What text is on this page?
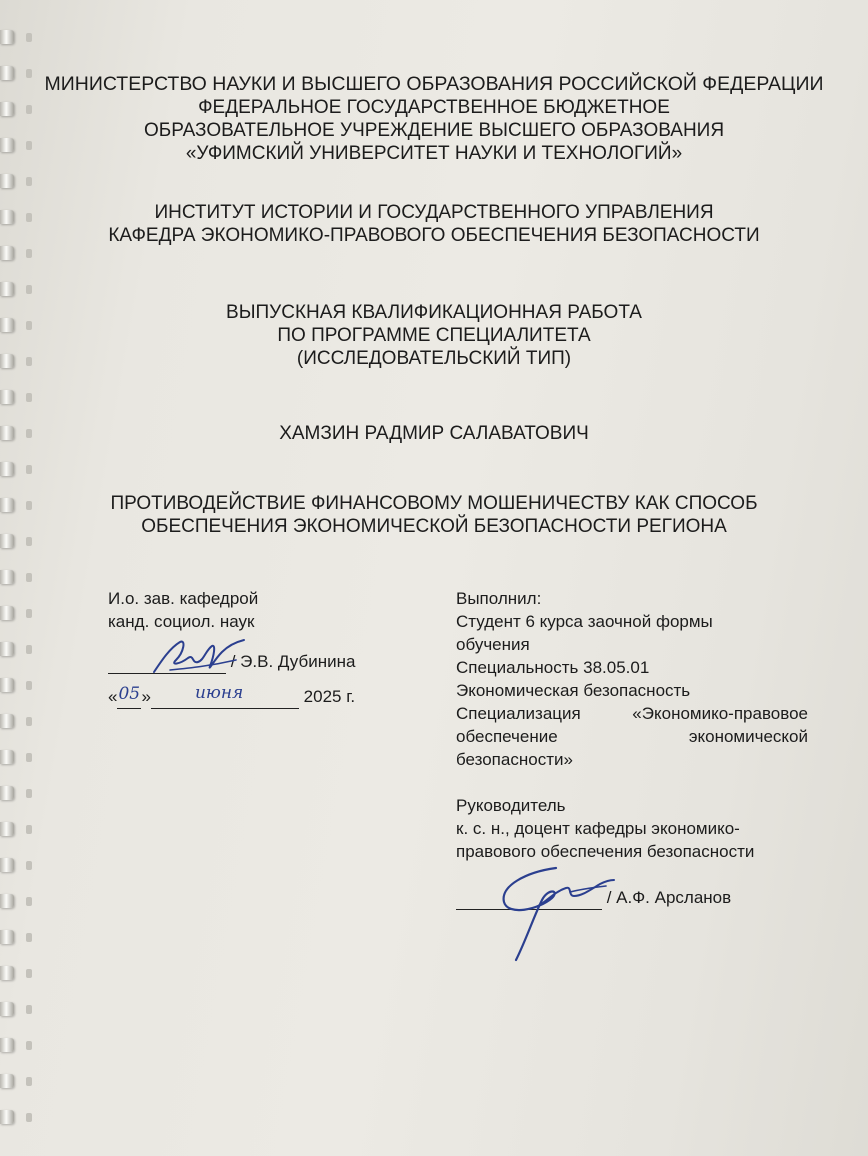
МИНИСТЕРСТВО НАУКИ И ВЫСШЕГО ОБРАЗОВАНИЯ РОССИЙСКОЙ ФЕДЕРАЦИИ
ФЕДЕРАЛЬНОЕ ГОСУДАРСТВЕННОЕ БЮДЖЕТНОЕ
ОБРАЗОВАТЕЛЬНОЕ УЧРЕЖДЕНИЕ ВЫСШЕГО ОБРАЗОВАНИЯ
«УФИМСКИЙ УНИВЕРСИТЕТ НАУКИ И ТЕХНОЛОГИЙ»
ИНСТИТУТ ИСТОРИИ И ГОСУДАРСТВЕННОГО УПРАВЛЕНИЯ
КАФЕДРА ЭКОНОМИКО-ПРАВОВОГО ОБЕСПЕЧЕНИЯ БЕЗОПАСНОСТИ
ВЫПУСКНАЯ КВАЛИФИКАЦИОННАЯ РАБОТА
ПО ПРОГРАММЕ СПЕЦИАЛИТЕТА
(ИССЛЕДОВАТЕЛЬСКИЙ ТИП)
ХАМЗИН РАДМИР САЛАВАТОВИЧ
ПРОТИВОДЕЙСТВИЕ ФИНАНСОВОМУ МОШЕНИЧЕСТВУ КАК СПОСОБ
ОБЕСПЕЧЕНИЯ ЭКОНОМИЧЕСКОЙ БЕЗОПАСНОСТИ РЕГИОНА
И.о. зав. кафедрой
канд. социол. наук
/ Э.В. Дубинина
« 05 »	июня	2025 г.
Выполнил:
Студент 6 курса заочной формы
обучения
Специальность 38.05.01
Экономическая безопасность
Специализация «Экономико-правовое
обеспечение экономической
безопасности»
Руководитель
к. с. н., доцент кафедры экономико-
правового обеспечения безопасности
/ А.Ф. Арсланов
